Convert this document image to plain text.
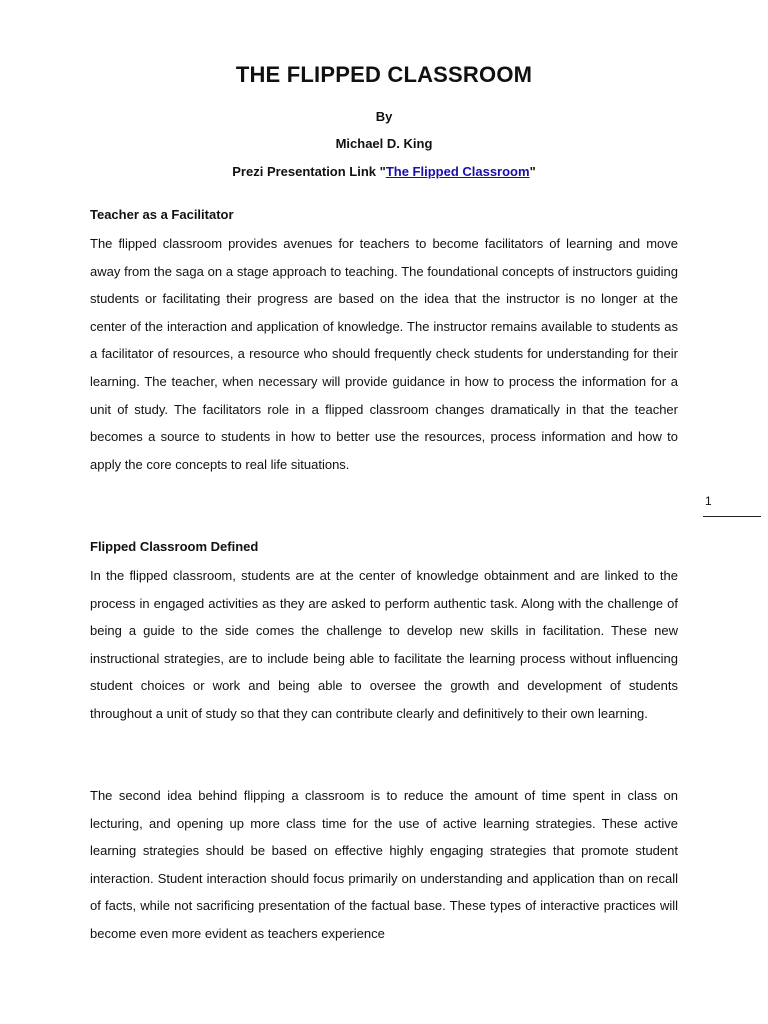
THE FLIPPED CLASSROOM
By
Michael D. King
Prezi Presentation Link "The Flipped Classroom"
Teacher as a Facilitator

The flipped classroom provides avenues for teachers to become facilitators of learning and move away from the saga on a stage approach to teaching. The foundational concepts of instructors guiding students or facilitating their progress are based on the idea that the instructor is no longer at the center of the interaction and application of knowledge. The instructor remains available to students as a facilitator of resources, a resource who should frequently check students for understanding for their learning. The teacher, when necessary will provide guidance in how to process the information for a unit of study. The facilitators role in a flipped classroom changes dramatically in that the teacher becomes a source to students in how to better use the resources, process information and how to apply the core concepts to real life situations.

Flipped Classroom Defined

In the flipped classroom, students are at the center of knowledge obtainment and are linked to the process in engaged activities as they are asked to perform authentic task. Along with the challenge of being a guide to the side comes the challenge to develop new skills in facilitation. These new instructional strategies, are to include being able to facilitate the learning process without influencing student choices or work and being able to oversee the growth and development of students throughout a unit of study so that they can contribute clearly and definitively to their own learning.

The second idea behind flipping a classroom is to reduce the amount of time spent in class on lecturing, and opening up more class time for the use of active learning strategies. These active learning strategies should be based on effective highly engaging strategies that promote student interaction. Student interaction should focus primarily on understanding and application than on recall of facts, while not sacrificing presentation of the factual base. These types of interactive practices will become even more evident as teachers experience

1
